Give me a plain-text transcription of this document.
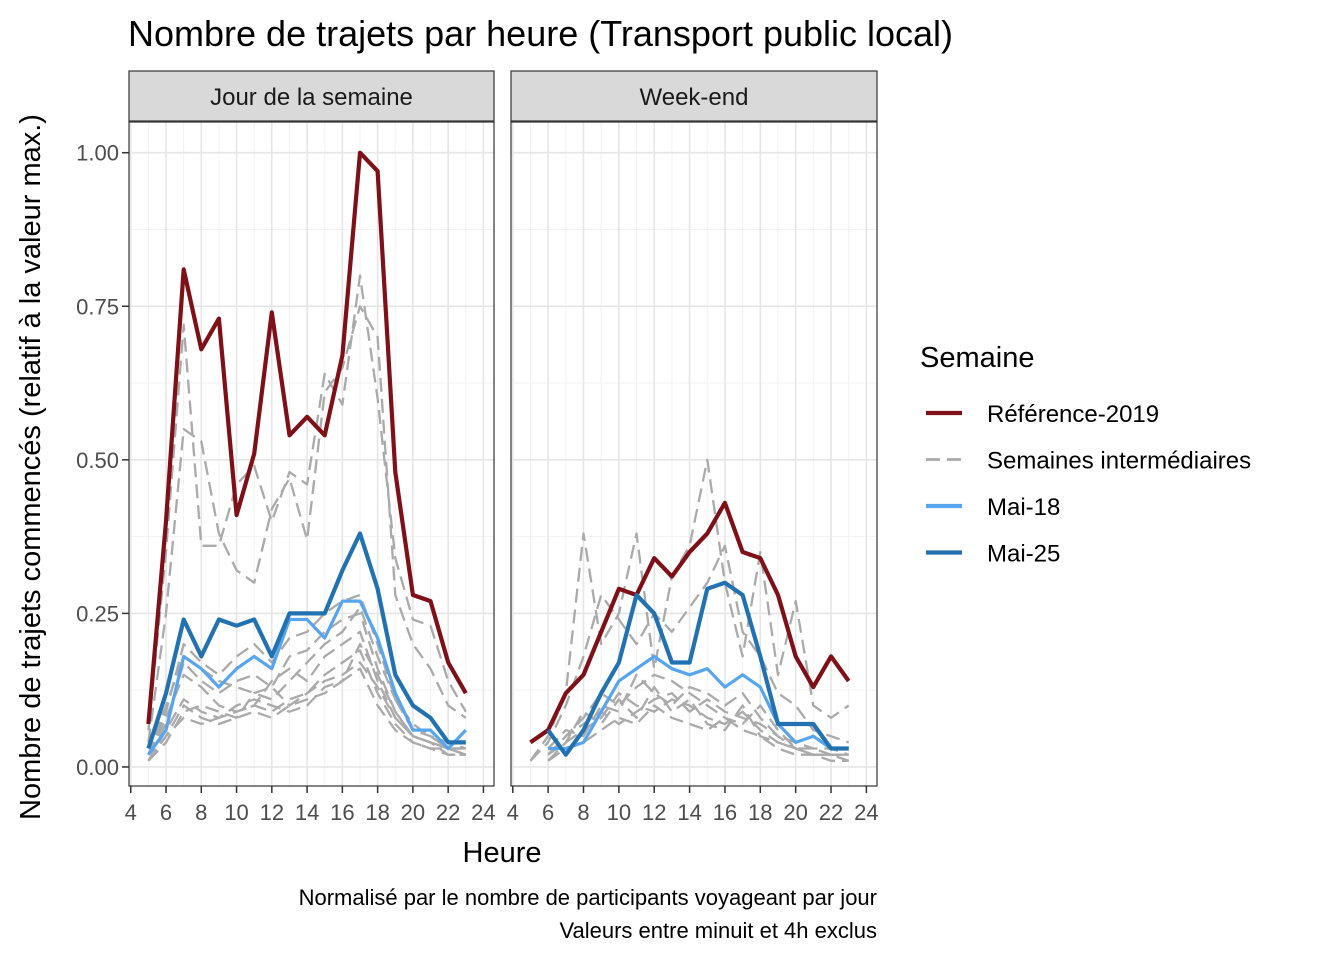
Nombre de trajets par heure (Transport public local)
Nombre de trajets commencés (relatif à la valeur max.)
Heure
Normalisé par le nombre de participants voyageant par jour
Valeurs entre minuit et 4h exclus
Jour de la semaine
4 6 8 10 12 14 16 18 20 22 24
Week-end
4 6 8 10 12 14 16 18 20 22 24
0.00
0.25
0.50
0.75
1.00
Semaine
Référence-2019
Semaines intermédiaires
Mai-18
Mai-25
